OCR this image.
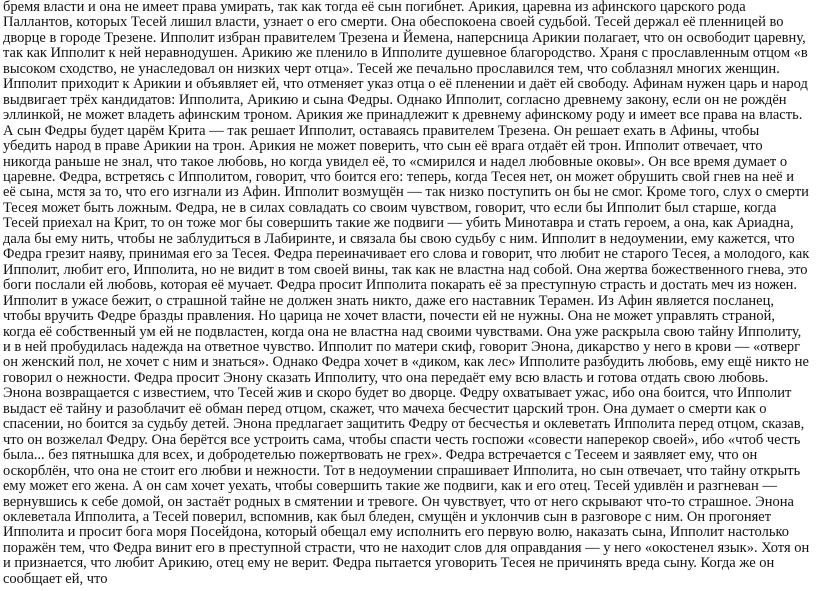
бремя власти и она не имеет права умирать, так как тогда её сын погибнет. Арикия, царевна из афинского царского рода Паллантов, которых Тесей лишил власти, узнает о его смерти. Она обеспокоена своей судьбой. Тесей держал её пленницей во дворце в городе Трезене. Ипполит избран правителем Трезена и Йемена, наперсница Арикии полагает, что он освободит царевну, так как Ипполит к ней неравнодушен. Арикию же пленило в Ипполите душевное благородство. Храня с прославленным отцом «в высоком сходство, не унаследовал он низких черт отца». Тесей же печально прославился тем, что соблазнял многих женщин. Ипполит приходит к Арикии и объявляет ей, что отменяет указ отца о её пленении и даёт ей свободу. Афинам нужен царь и народ выдвигает трёх кандидатов: Ипполита, Арикию и сына Федры. Однако Ипполит, согласно древнему закону, если он не рождён эллинкой, не может владеть афинским троном. Арикия же принадлежит к древнему афинскому роду и имеет все права на власть. А сын Федры будет царём Крита — так решает Ипполит, оставаясь правителем Трезена. Он решает ехать в Афины, чтобы убедить народ в праве Арикии на трон. Арикия не может поверить, что сын её врага отдаёт ей трон. Ипполит отвечает, что никогда раньше не знал, что такое любовь, но когда увидел её, то «смирился и надел любовные оковы». Он все время думает о царевне. Федра, встретясь с Ипполитом, говорит, что боится его: теперь, когда Тесея нет, он может обрушить свой гнев на неё и её сына, мстя за то, что его изгнали из Афин. Ипполит возмущён — так низко поступить он бы не смог. Кроме того, слух о смерти Тесея может быть ложным. Федра, не в силах совладать со своим чувством, говорит, что если бы Ипполит был старше, когда Тесей приехал на Крит, то он тоже мог бы совершить такие же подвиги — убить Минотавра и стать героем, а она, как Ариадна, дала бы ему нить, чтобы не заблудиться в Лабиринте, и связала бы свою судьбу с ним. Ипполит в недоумении, ему кажется, что Федра грезит наяву, принимая его за Тесея. Федра переиначивает его слова и говорит, что любит не старого Тесея, а молодого, как Ипполит, любит его, Ипполита, но не видит в том своей вины, так как не властна над собой. Она жертва божественного гнева, это боги послали ей любовь, которая её мучает. Федра просит Ипполита покарать её за преступную страсть и достать меч из ножен. Ипполит в ужасе бежит, о страшной тайне не должен знать никто, даже его наставник Терамен. Из Афин является посланец, чтобы вручить Федре бразды правления. Но царица не хочет власти, почести ей не нужны. Она не может управлять страной, когда её собственный ум ей не подвластен, когда она не властна над своими чувствами. Она уже раскрыла свою тайну Ипполиту, и в ней пробудилась надежда на ответное чувство. Ипполит по матери скиф, говорит Энона, дикарство у него в крови — «отверг он женский пол, не хочет с ним и знаться». Однако Федра хочет в «диком, как лес» Ипполите разбудить любовь, ему ещё никто не говорил о нежности. Федра просит Энону сказать Ипполиту, что она передаёт ему всю власть и готова отдать свою любовь. Энона возвращается с известием, что Тесей жив и скоро будет во дворце. Федру охватывает ужас, ибо она боится, что Ипполит выдаст её тайну и разоблачит её обман перед отцом, скажет, что мачеха бесчестит царский трон. Она думает о смерти как о спасении, но боится за судьбу детей. Энона предлагает защитить Федру от бесчестья и оклеветать Ипполита перед отцом, сказав, что он возжелал Федру. Она берётся все устроить сама, чтобы спасти честь госпожи «совести наперекор своей», ибо «чтоб честь была... без пятнышка для всех, и добродетелью пожертвовать не грех». Федра встречается с Тесеем и заявляет ему, что он оскорблён, что она не стоит его любви и нежности. Тот в недоумении спрашивает Ипполита, но сын отвечает, что тайну открыть ему может его жена. А он сам хочет уехать, чтобы совершить такие же подвиги, как и его отец. Тесей удивлён и разгневан — вернувшись к себе домой, он застаёт родных в смятении и тревоге. Он чувствует, что от него скрывают что-то страшное. Энона оклеветала Ипполита, а Тесей поверил, вспомнив, как был бледен, смущён и уклончив сын в разговоре с ним. Он прогоняет Ипполита и просит бога моря Посейдона, который обещал ему исполнить его первую волю, наказать сына, Ипполит настолько поражён тем, что Федра винит его в преступной страсти, что не находит слов для оправдания — у него «окостенел язык». Хотя он и признается, что любит Арикию, отец ему не верит. Федра пытается уговорить Тесея не причинять вреда сыну. Когда же он сообщает ей, что
